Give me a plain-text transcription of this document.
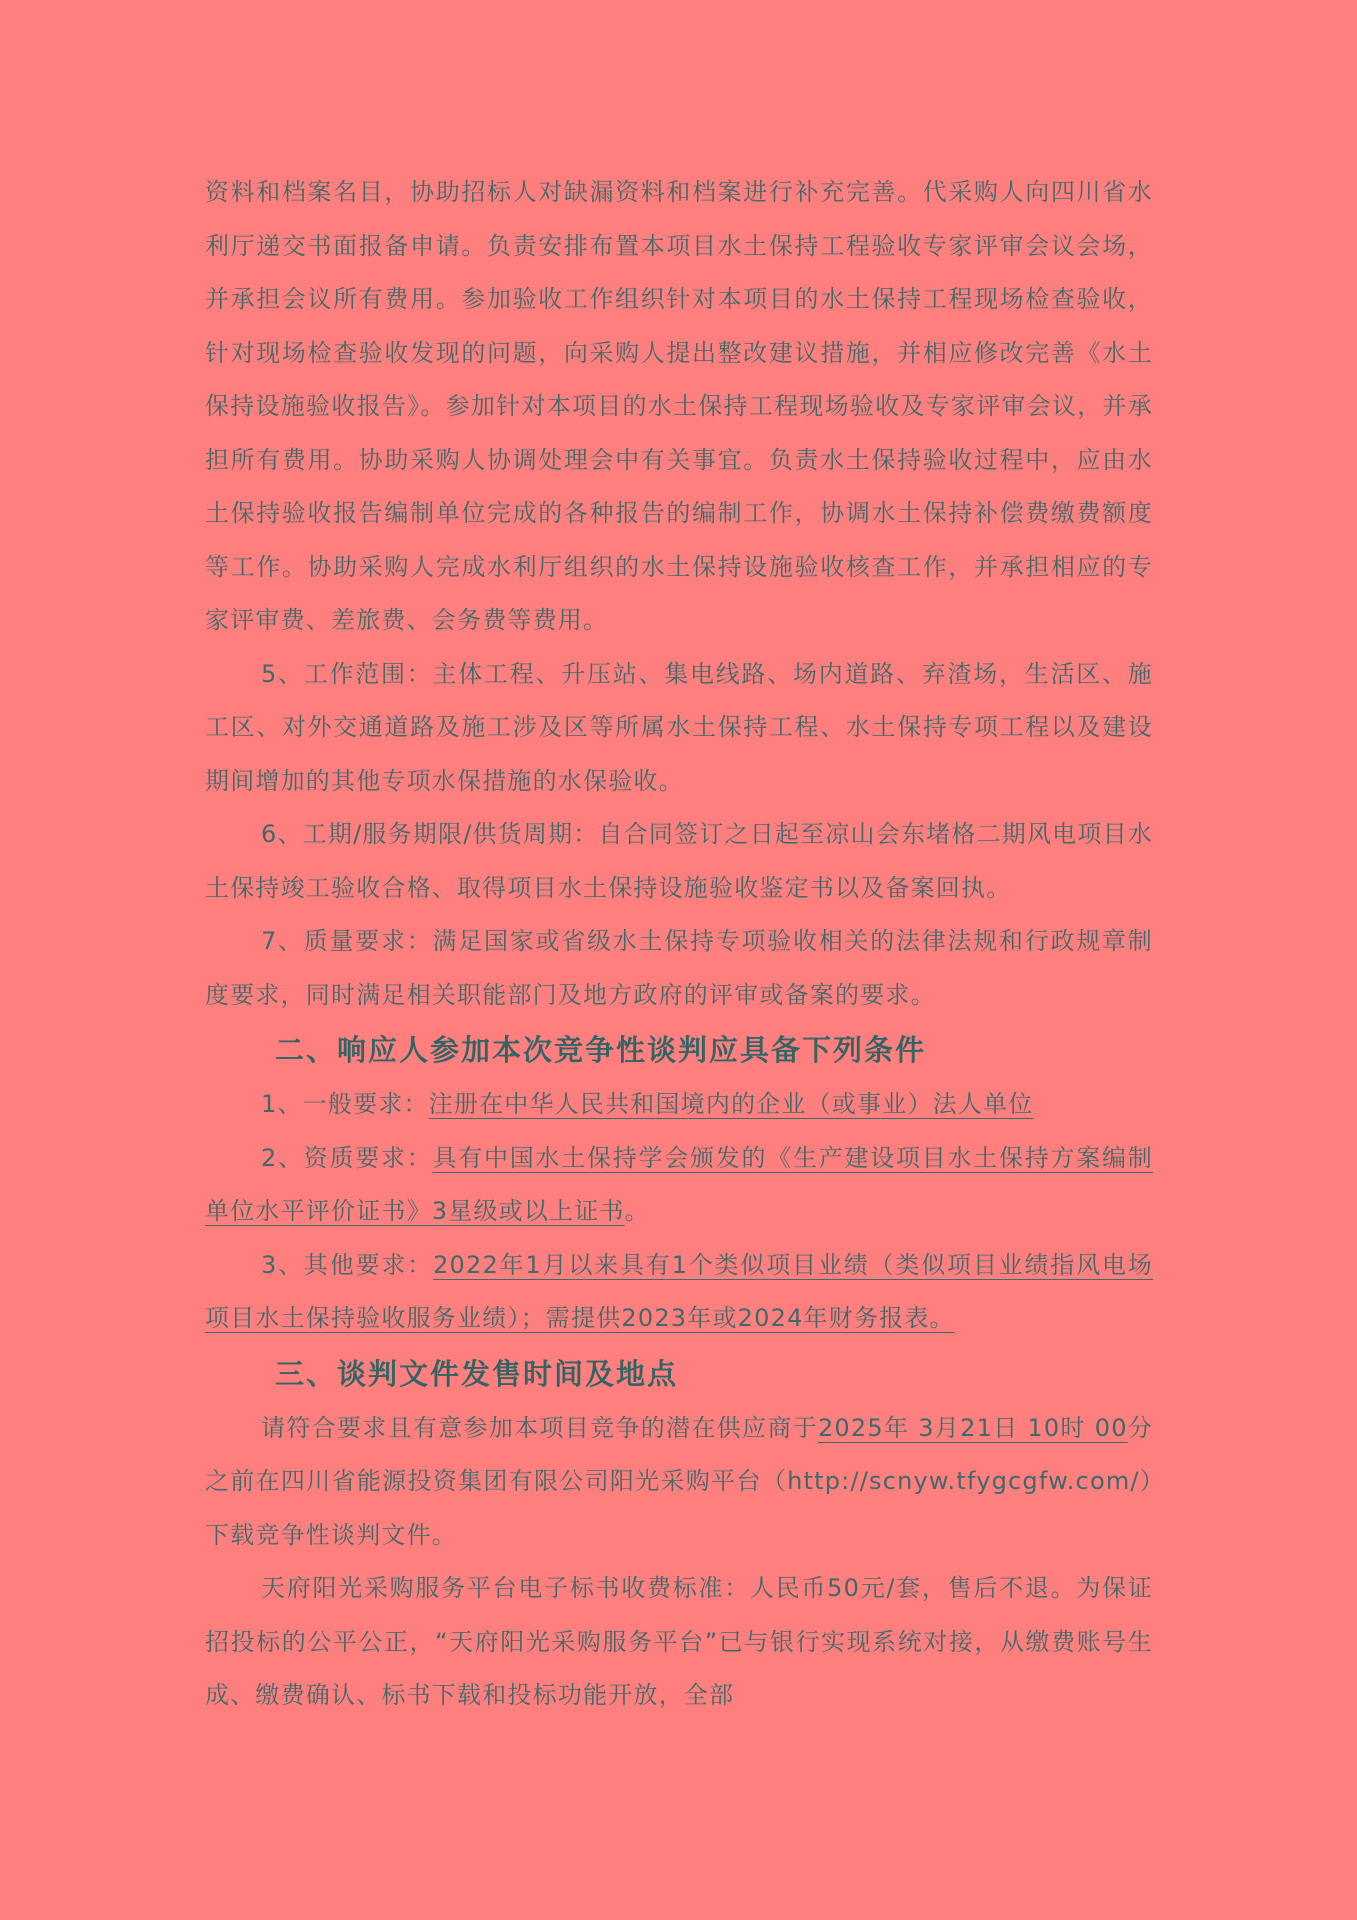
资料和档案名目，协助招标人对缺漏资料和档案进行补充完善。代采购人向四川省水利厅递交书面报备申请。负责安排布置本项目水土保持工程验收专家评审会议会场，并承担会议所有费用。参加验收工作组织针对本项目的水土保持工程现场检查验收，针对现场检查验收发现的问题，向采购人提出整改建议措施，并相应修改完善《水土保持设施验收报告》。参加针对本项目的水土保持工程现场验收及专家评审会议，并承担所有费用。协助采购人协调处理会中有关事宜。负责水土保持验收过程中，应由水土保持验收报告编制单位完成的各种报告的编制工作，协调水土保持补偿费缴费额度等工作。协助采购人完成水利厅组织的水土保持设施验收核查工作，并承担相应的专家评审费、差旅费、会务费等费用。

5、工作范围：主体工程、升压站、集电线路、场内道路、弃渣场，生活区、施工区、对外交通道路及施工涉及区等所属水土保持工程、水土保持专项工程以及建设期间增加的其他专项水保措施的水保验收。

6、工期/服务期限/供货周期：自合同签订之日起至凉山会东堵格二期风电项目水土保持竣工验收合格、取得项目水土保持设施验收鉴定书以及备案回执。

7、质量要求：满足国家或省级水土保持专项验收相关的法律法规和行政规章制度要求，同时满足相关职能部门及地方政府的评审或备案的要求。

二、响应人参加本次竞争性谈判应具备下列条件

1、一般要求：注册在中华人民共和国境内的企业（或事业）法人单位

2、资质要求：具有中国水土保持学会颁发的《生产建设项目水土保持方案编制单位水平评价证书》3星级或以上证书。

3、其他要求：2022年1月以来具有1个类似项目业绩（类似项目业绩指风电场项目水土保持验收服务业绩）；需提供2023年或2024年财务报表。

三、谈判文件发售时间及地点

请符合要求且有意参加本项目竞争的潜在供应商于2025年 3月21日 10时 00分之前在四川省能源投资集团有限公司阳光采购平台（http://scnyw.tfygcgfw.com/）下载竞争性谈判文件。

天府阳光采购服务平台电子标书收费标准：人民币50元/套，售后不退。为保证招投标的公平公正，“天府阳光采购服务平台”已与银行实现系统对接，从缴费账号生成、缴费确认、标书下载和投标功能开放，全部
